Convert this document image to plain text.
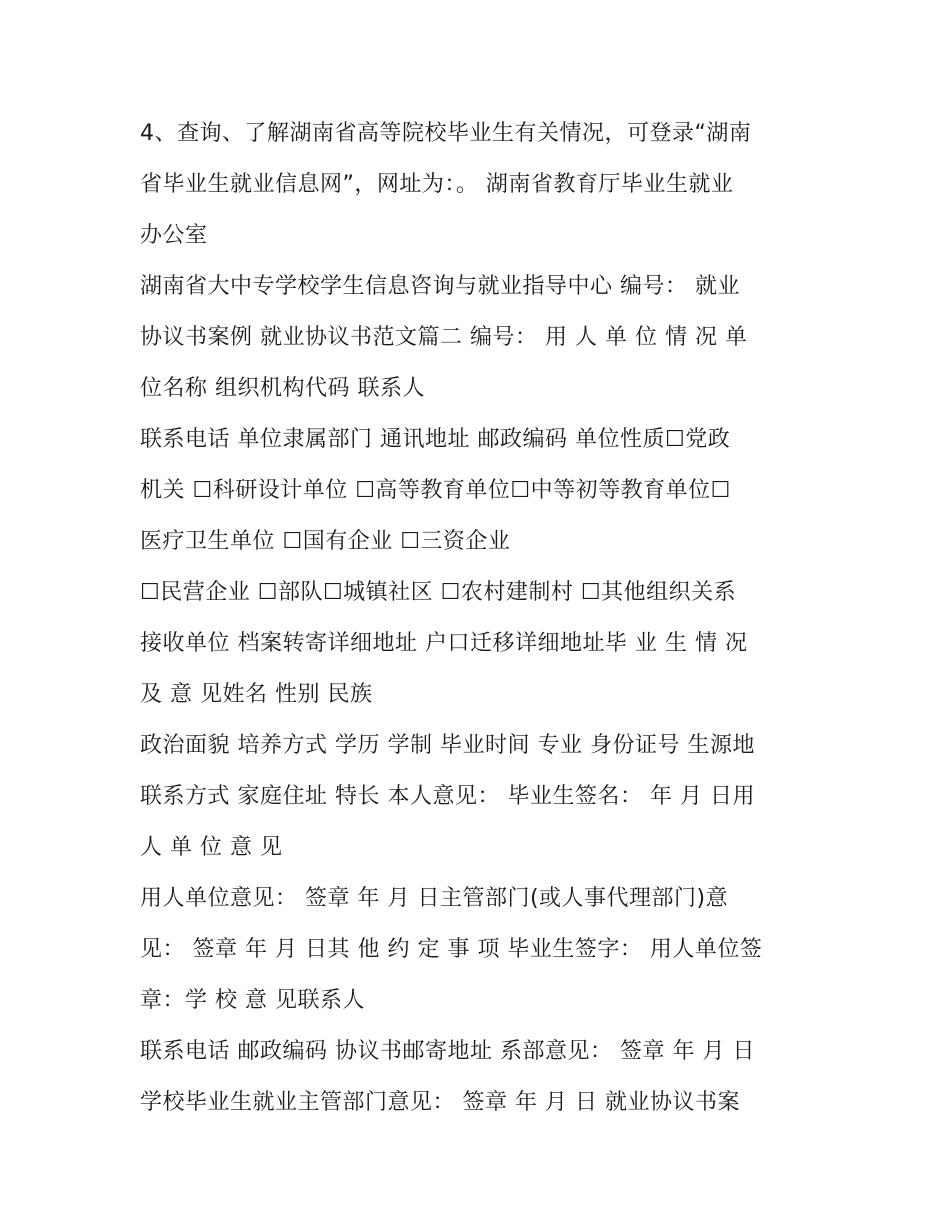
4、查询、了解湖南省高等院校毕业生有关情况，可登录“湖南
省毕业生就业信息网”，网址为：。 湖南省教育厅毕业生就业
办公室
湖南省大中专学校学生信息咨询与就业指导中心 编号： 就业
协议书案例 就业协议书范文篇二 编号： 用 人 单 位 情 况 单
位名称 组织机构代码 联系人
联系电话 单位隶属部门 通讯地址 邮政编码 单位性质☐党政
机关 ☐科研设计单位 ☐高等教育单位☐中等初等教育单位☐
医疗卫生单位 ☐国有企业 ☐三资企业
☐民营企业 ☐部队☐城镇社区 ☐农村建制村 ☐其他组织关系
接收单位 档案转寄详细地址 户口迁移详细地址毕 业 生 情 况
及 意 见姓名 性别 民族
政治面貌 培养方式 学历 学制 毕业时间 专业 身份证号 生源地
联系方式 家庭住址 特长 本人意见： 毕业生签名： 年 月 日用
人 单 位 意 见
用人单位意见： 签章 年 月 日主管部门(或人事代理部门)意
见： 签章 年 月 日其 他 约 定 事 项 毕业生签字： 用人单位签
章：学 校 意 见联系人
联系电话 邮政编码 协议书邮寄地址 系部意见： 签章 年 月 日
学校毕业生就业主管部门意见： 签章 年 月 日 就业协议书案
